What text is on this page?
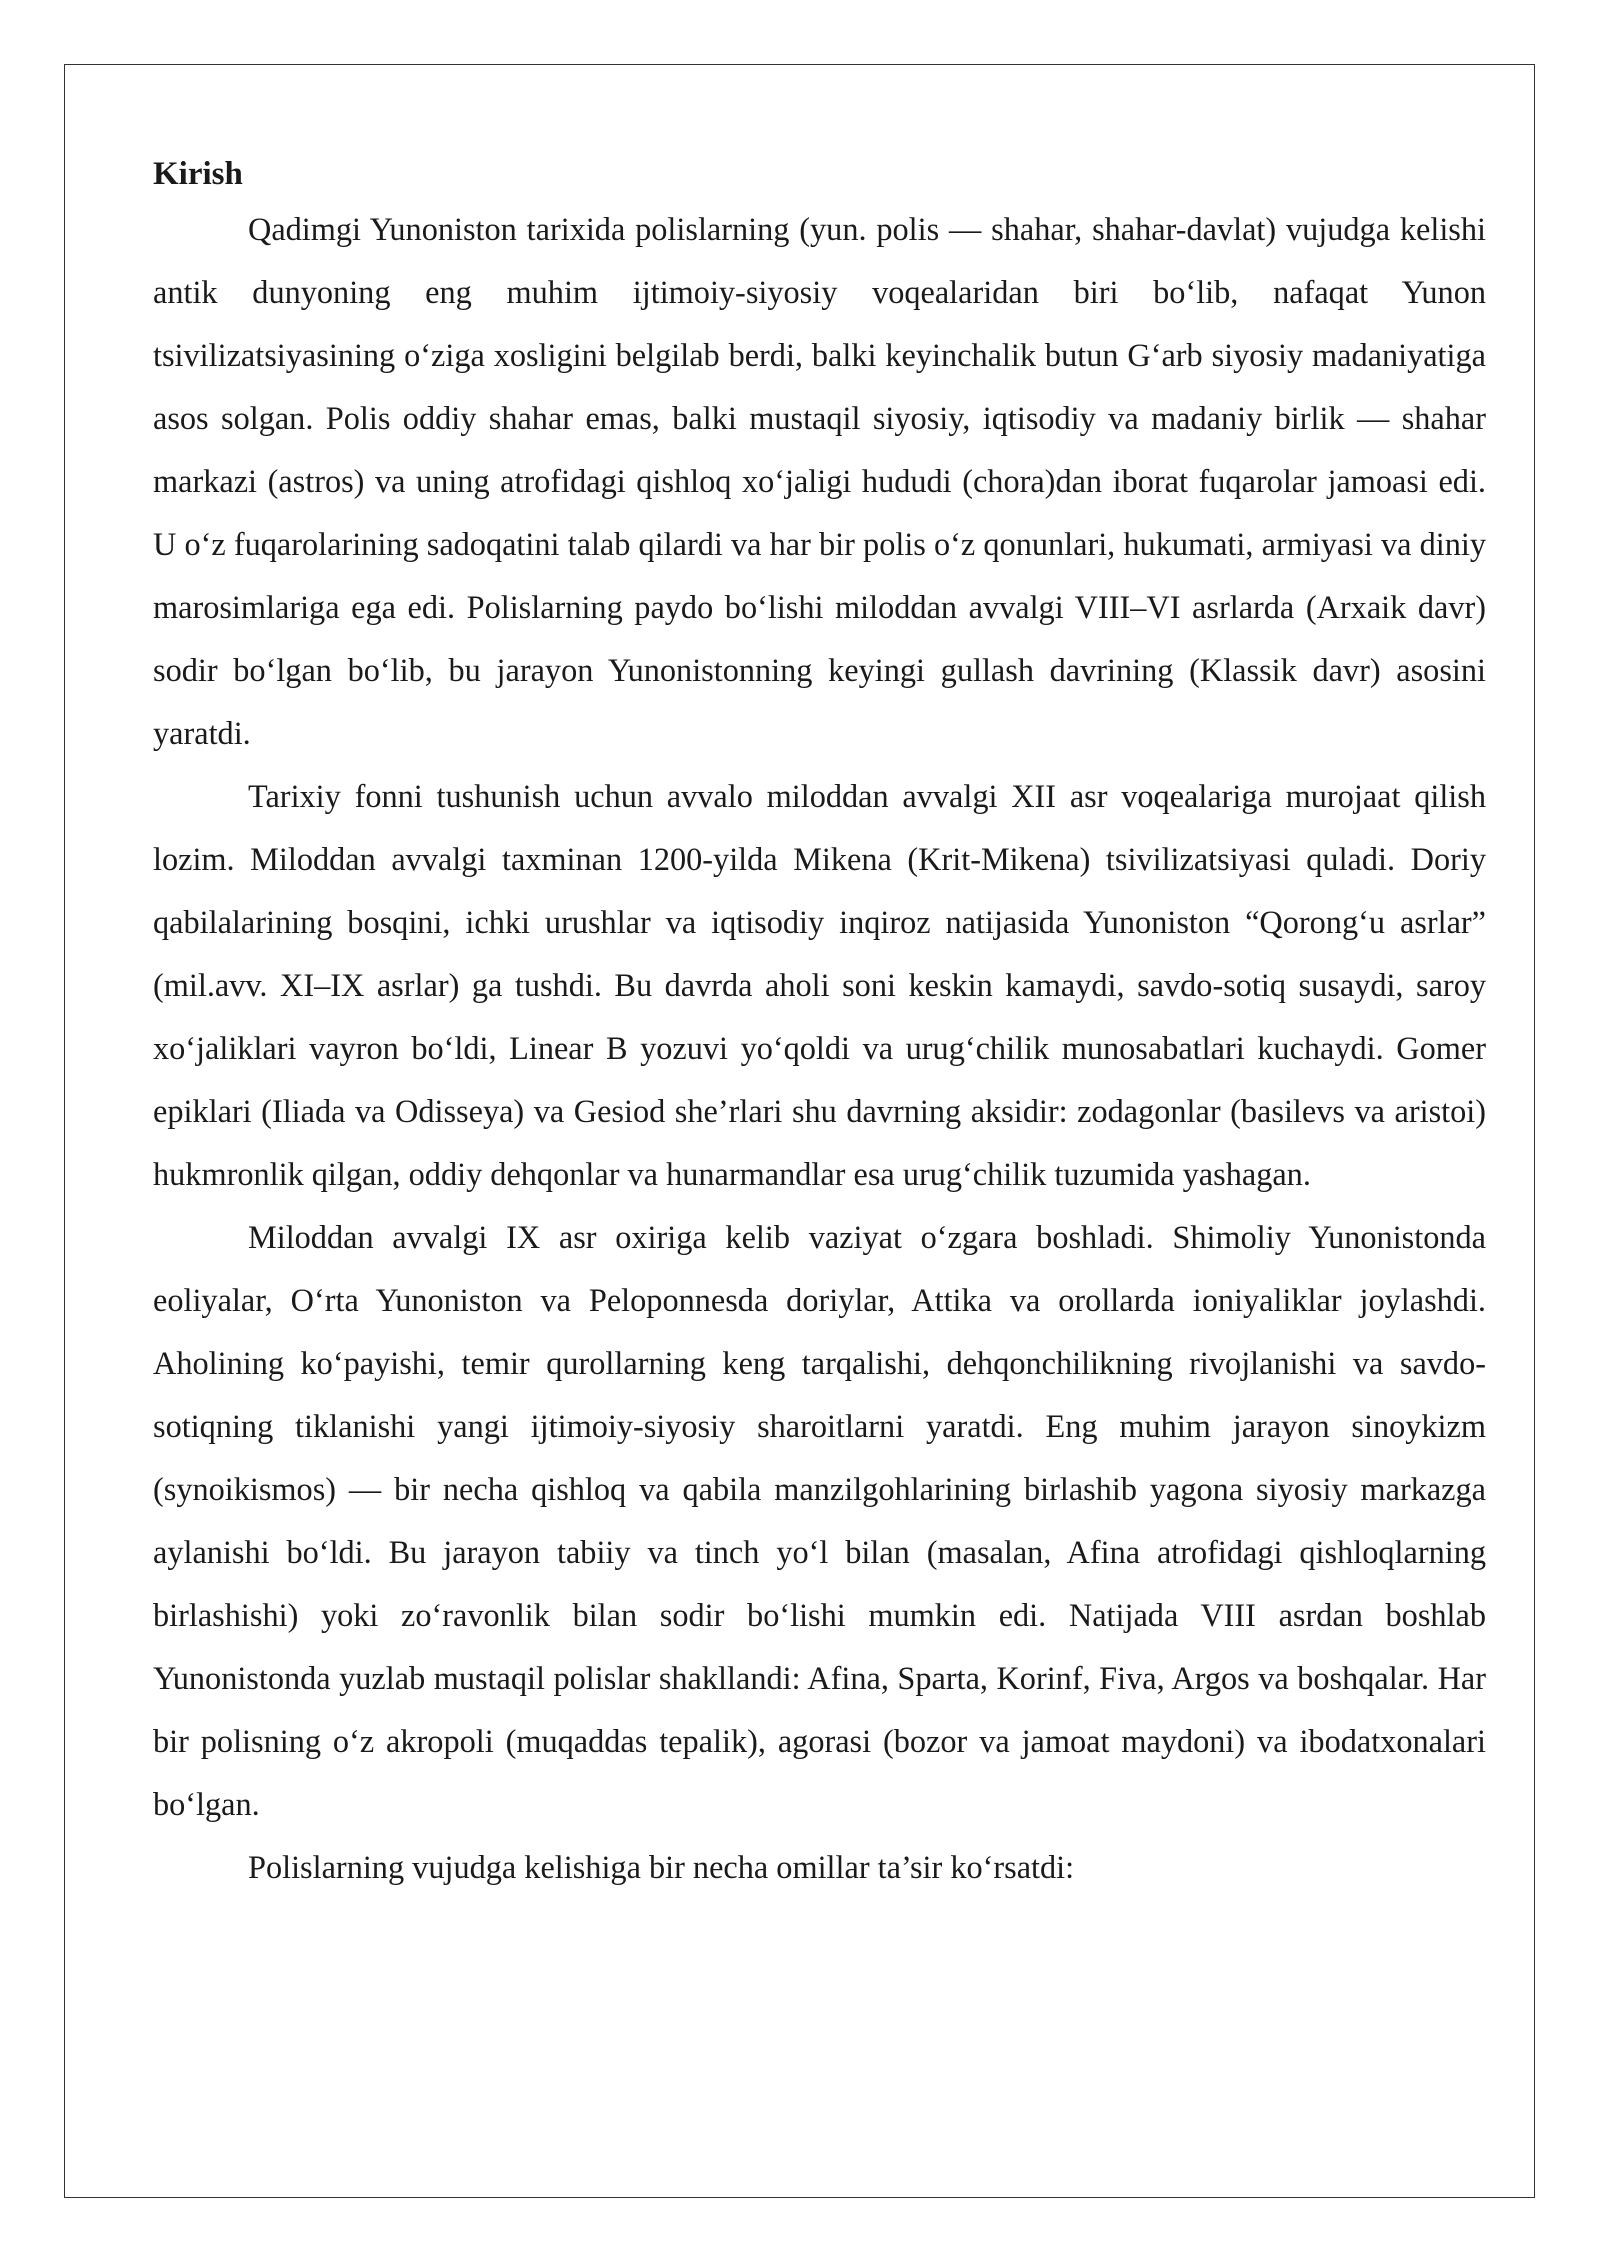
Kirish

Qadimgi Yunoniston tarixida polislarning (yun. polis — shahar, shahar-davlat) vujudga kelishi antik dunyoning eng muhim ijtimoiy-siyosiy voqealaridan biri bo‘lib, nafaqat Yunon tsivilizatsiyasining o‘ziga xosligini belgilab berdi, balki keyinchalik butun G‘arb siyosiy madaniyatiga asos solgan. Polis oddiy shahar emas, balki mustaqil siyosiy, iqtisodiy va madaniy birlik — shahar markazi (astros) va uning atrofidagi qishloq xo‘jaligi hududi (chora)dan iborat fuqarolar jamoasi edi. U o‘z fuqarolarining sadoqatini talab qilardi va har bir polis o‘z qonunlari, hukumati, armiyasi va diniy marosimlariga ega edi. Polislarning paydo bo‘lishi miloddan avvalgi VIII–VI asrlarda (Arxaik davr) sodir bo‘lgan bo‘lib, bu jarayon Yunonistonning keyingi gullash davrining (Klassik davr) asosini yaratdi.

Tarixiy fonni tushunish uchun avvalo miloddan avvalgi XII asr voqealariga murojaat qilish lozim. Miloddan avvalgi taxminan 1200-yilda Mikena (Krit-Mikena) tsivilizatsiyasi quladi. Doriy qabilalarining bosqini, ichki urushlar va iqtisodiy inqiroz natijasida Yunoniston “Qorong‘u asrlar” (mil.avv. XI–IX asrlar) ga tushdi. Bu davrda aholi soni keskin kamaydi, savdo-sotiq susaydi, saroy xo‘jaliklari vayron bo‘ldi, Linear B yozuvi yo‘qoldi va urug‘chilik munosabatlari kuchaydi. Gomer epiklari (Iliada va Odisseya) va Gesiod she’rlari shu davrning aksidir: zodagonlar (basilevs va aristoi) hukmronlik qilgan, oddiy dehqonlar va hunarmandlar esa urug‘chilik tuzumida yashagan.

Miloddan avvalgi IX asr oxiriga kelib vaziyat o‘zgara boshladi. Shimoliy Yunonistonda eoliyalar, O‘rta Yunoniston va Peloponnesda doriylar, Attika va orollarda ioniyaliklar joylashdi. Aholining ko‘payishi, temir qurollarning keng tarqalishi, dehqonchilikning rivojlanishi va savdo-sotiqning tiklanishi yangi ijtimoiy-siyosiy sharoitlarni yaratdi. Eng muhim jarayon sinoykizm (synoikismos) — bir necha qishloq va qabila manzilgohlarining birlashib yagona siyosiy markazga aylanishi bo‘ldi. Bu jarayon tabiiy va tinch yo‘l bilan (masalan, Afina atrofidagi qishloqlarning birlashishi) yoki zo‘ravonlik bilan sodir bo‘lishi mumkin edi. Natijada VIII asrdan boshlab Yunonistonda yuzlab mustaqil polislar shakllandi: Afina, Sparta, Korinf, Fiva, Argos va boshqalar. Har bir polisning o‘z akropoli (muqaddas tepalik), agorasi (bozor va jamoat maydoni) va ibodatxonalari bo‘lgan.

Polislarning vujudga kelishiga bir necha omillar ta’sir ko‘rsatdi:
